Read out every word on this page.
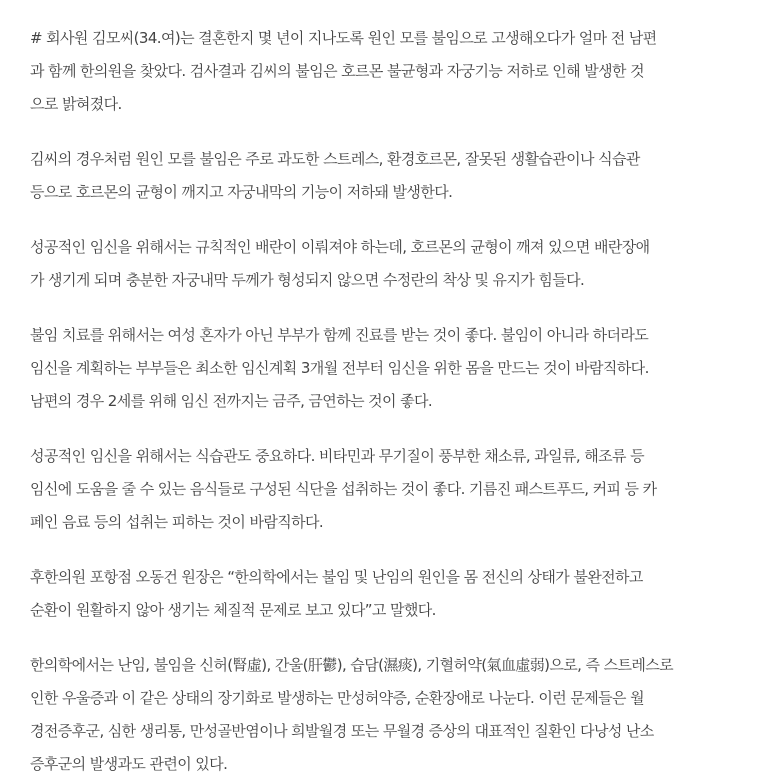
# 회사원 김모씨(34.여)는 결혼한지 몇 년이 지나도록 원인 모를 불임으로 고생해오다가 얼마 전 남편
과 함께 한의원을 찾았다. 검사결과 김씨의 불임은 호르몬 불균형과 자궁기능 저하로 인해 발생한 것
으로 밝혀졌다.

김씨의 경우처럼 원인 모를 불임은 주로 과도한 스트레스, 환경호르몬, 잘못된 생활습관이나 식습관
등으로 호르몬의 균형이 깨지고 자궁내막의 기능이 저하돼 발생한다.

성공적인 임신을 위해서는 규칙적인 배란이 이뤄져야 하는데, 호르몬의 균형이 깨져 있으면 배란장애
가 생기게 되며 충분한 자궁내막 두께가 형성되지 않으면 수정란의 착상 및 유지가 힘들다.

불임 치료를 위해서는 여성 혼자가 아닌 부부가 함께 진료를 받는 것이 좋다. 불임이 아니라 하더라도
임신을 계획하는 부부들은 최소한 임신계획 3개월 전부터 임신을 위한 몸을 만드는 것이 바람직하다.
남편의 경우 2세를 위해 임신 전까지는 금주, 금연하는 것이 좋다.

성공적인 임신을 위해서는 식습관도 중요하다. 비타민과 무기질이 풍부한 채소류, 과일류, 해조류 등
임신에 도움을 줄 수 있는 음식들로 구성된 식단을 섭취하는 것이 좋다. 기름진 패스트푸드, 커피 등 카
페인 음료 등의 섭취는 피하는 것이 바람직하다.

후한의원 포항점 오동건 원장은 “한의학에서는 불임 및 난임의 원인을 몸 전신의 상태가 불완전하고
순환이 원활하지 않아 생기는 체질적 문제로 보고 있다”고 말했다.

한의학에서는 난임, 불임을 신허(腎虛), 간울(肝鬱), 습담(濕痰), 기혈허약(氣血虛弱)으로, 즉 스트레스로
인한 우울증과 이 같은 상태의 장기화로 발생하는 만성허약증, 순환장애로 나눈다. 이런 문제들은 월
경전증후군, 심한 생리통, 만성골반염이나 희발월경 또는 무월경 증상의 대표적인 질환인 다낭성 난소
증후군의 발생과도 관련이 있다.
